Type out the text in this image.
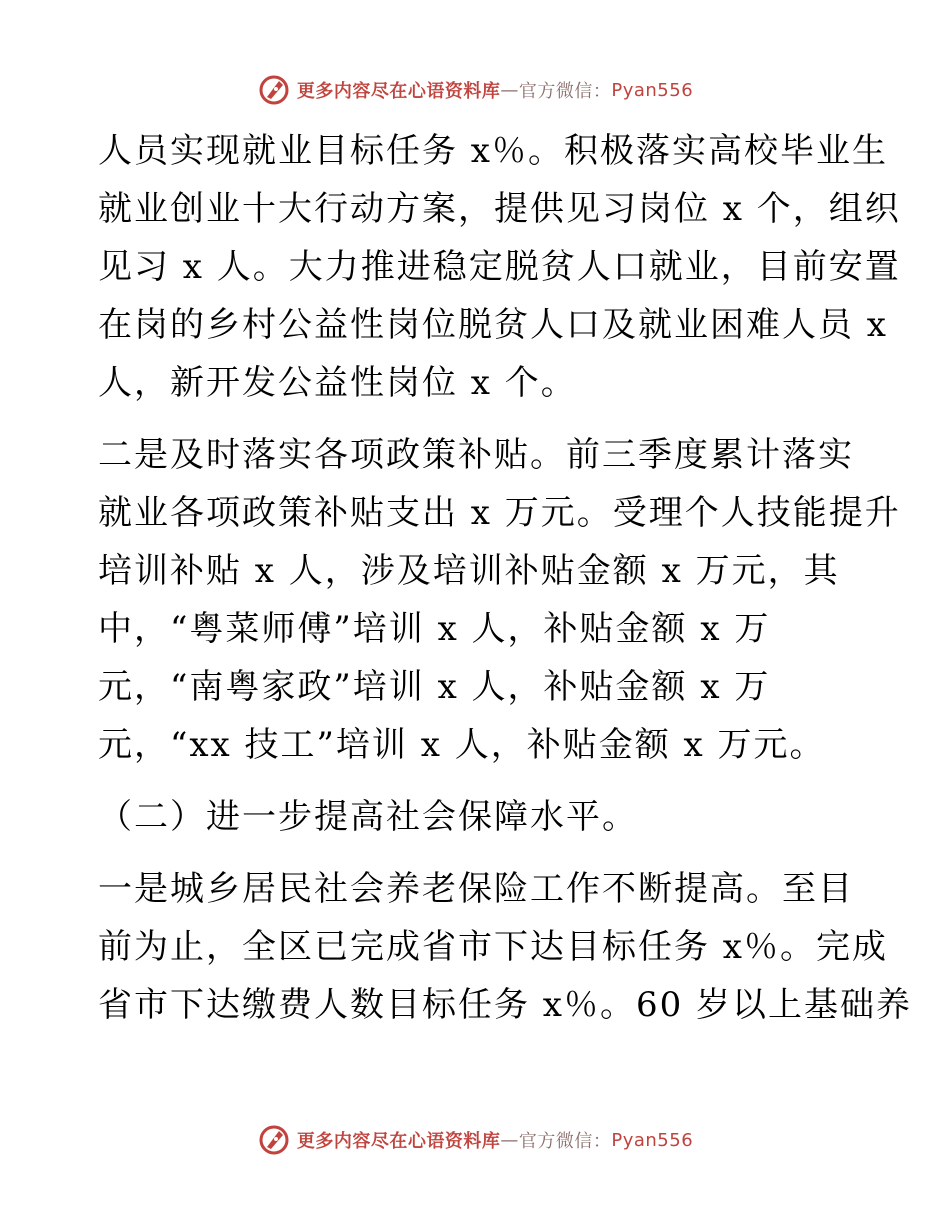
更多内容尽在心语资料库 — 官方微信： Pyan556
人员实现就业目标任务 x％。积极落实高校毕业生
就业创业十大行动方案，提供见习岗位 x 个，组织
见习 x 人。大力推进稳定脱贫人口就业，目前安置
在岗的乡村公益性岗位脱贫人口及就业困难人员 x
人，新开发公益性岗位 x 个。
二是及时落实各项政策补贴。前三季度累计落实
就业各项政策补贴支出 x 万元。受理个人技能提升
培训补贴 x 人，涉及培训补贴金额 x 万元，其
中，“粤菜师傅”培训 x 人，补贴金额 x 万
元，“南粤家政”培训 x 人，补贴金额 x 万
元，“xx 技工”培训 x 人，补贴金额 x 万元。
（二）进一步提高社会保障水平。
一是城乡居民社会养老保险工作不断提高。至目
前为止，全区已完成省市下达目标任务 x％。完成
省市下达缴费人数目标任务 x％。60 岁以上基础养
更多内容尽在心语资料库 — 官方微信： Pyan556
